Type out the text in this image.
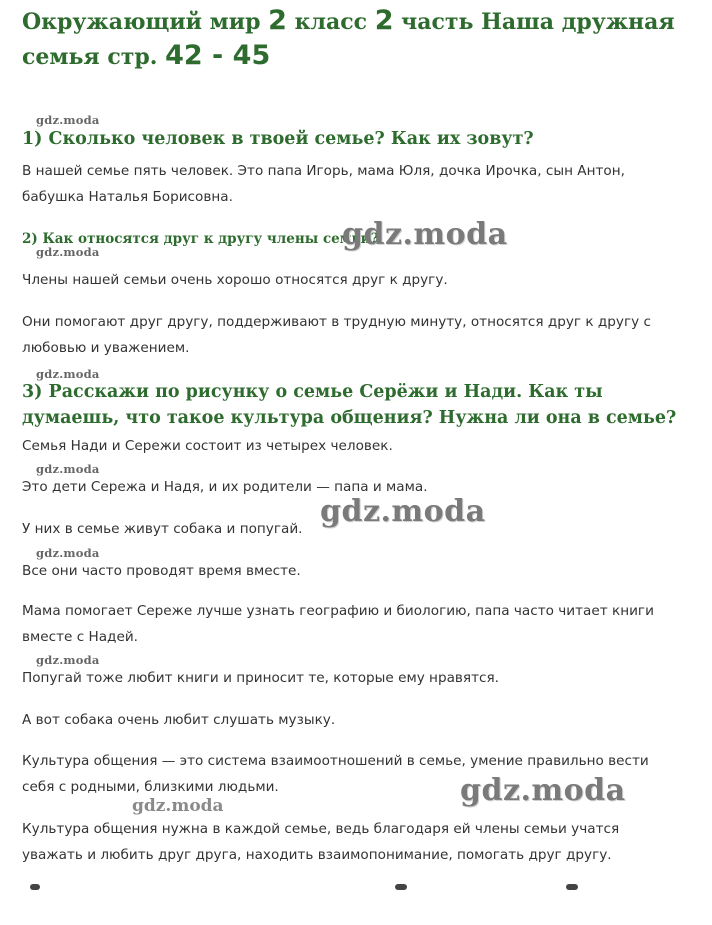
Окружающий мир 2 класс 2 часть Наша дружная семья стр. 42 - 45
gdz.moda
1) Сколько человек в твоей семье? Как их зовут?

В нашей семье пять человек. Это папа Игорь, мама Юля, дочка Ирочка, сын Антон, бабушка Наталья Борисовна.

2) Как относятся друг к другу члены семьи?
gdz.moda
gdz.moda

Члены нашей семьи очень хорошо относятся друг к другу.

Они помогают друг другу, поддерживают в трудную минуту, относятся друг к другу с любовью и уважением.

gdz.moda
3) Расскажи по рисунку о семье Серёжи и Нади. Как ты думаешь, что такое культура общения? Нужна ли она в семье?

Семья Нади и Сережи состоит из четырех человек.

gdz.moda

Это дети Сережа и Надя, и их родители — папа и мама.

У них в семье живут собака и попугай. gdz.moda
gdz.moda

Все они часто проводят время вместе.

Мама помогает Сереже лучше узнать географию и биологию, папа часто читает книги вместе с Надей.

gdz.moda

Попугай тоже любит книги и приносит те, которые ему нравятся.

А вот собака очень любит слушать музыку.

Культура общения — это система взаимоотношений в семье, умение правильно вести себя с родными, близкими людьми.	gdz.moda
gdz.moda

Культура общения нужна в каждой семье, ведь благодаря ей члены семьи учатся уважать и любить друг друга, находить взаимопонимание, помогать друг другу.
